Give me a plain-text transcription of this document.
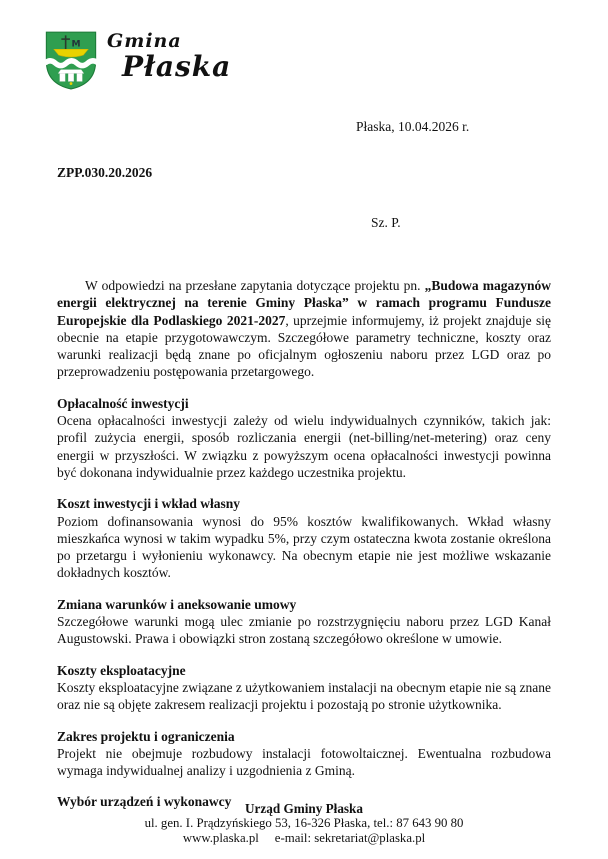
M Gmina
Płaska
Płaska, 10.04.2026 r.
ZPP.030.20.2026
Sz. P.

W odpowiedzi na przesłane zapytania dotyczące projektu pn. „Budowa magazynów energii elektrycznej na terenie Gminy Płaska” w ramach programu Fundusze Europejskie dla Podlaskiego 2021-2027, uprzejmie informujemy, iż projekt znajduje się obecnie na etapie przygotowawczym. Szczegółowe parametry techniczne, koszty oraz warunki realizacji będą znane po oficjalnym ogłoszeniu naboru przez LGD oraz po przeprowadzeniu postępowania przetargowego.

Opłacalność inwestycji

Ocena opłacalności inwestycji zależy od wielu indywidualnych czynników, takich jak: profil zużycia energii, sposób rozliczania energii (net-billing/net-metering) oraz ceny energii w przyszłości. W związku z powyższym ocena opłacalności inwestycji powinna być dokonana indywidualnie przez każdego uczestnika projektu.

Koszt inwestycji i wkład własny

Poziom dofinansowania wynosi do 95% kosztów kwalifikowanych. Wkład własny mieszkańca wynosi w takim wypadku 5%, przy czym ostateczna kwota zostanie określona po przetargu i wyłonieniu wykonawcy. Na obecnym etapie nie jest możliwe wskazanie dokładnych kosztów.

Zmiana warunków i aneksowanie umowy

Szczegółowe warunki mogą ulec zmianie po rozstrzygnięciu naboru przez LGD Kanał Augustowski. Prawa i obowiązki stron zostaną szczegółowo określone w umowie.

Koszty eksploatacyjne

Koszty eksploatacyjne związane z użytkowaniem instalacji na obecnym etapie nie są znane oraz nie są objęte zakresem realizacji projektu i pozostają po stronie użytkownika.

Zakres projektu i ograniczenia

Projekt nie obejmuje rozbudowy instalacji fotowoltaicznej. Ewentualna rozbudowa wymaga indywidualnej analizy i uzgodnienia z Gminą.

Wybór urządzeń i wykonawcy	Urząd Gminy Płaska
ul. gen. I. Prądzyńskiego 53, 16-326 Płaska, tel.: 87 643 90 80
www.plaska.pl e-mail: sekretariat@plaska.pl
